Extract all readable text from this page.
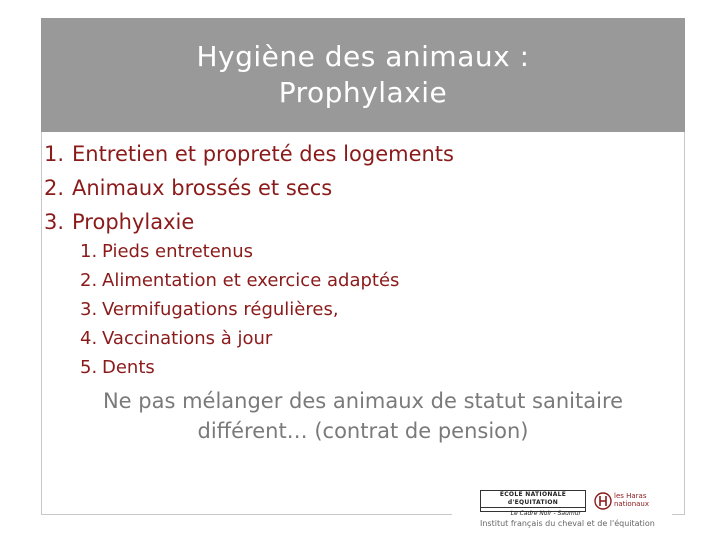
Hygiène des animaux :
Prophylaxie
1. Entretien et propreté des logements
2. Animaux brossés et secs
3. Prophylaxie
1. Pieds entretenus
2. Alimentation et exercice adaptés
3. Vermifugations régulières,
4. Vaccinations à jour
5. Dents
Ne pas mélanger des animaux de statut sanitaire
différent… (contrat de pension)
ECOLE NATIONALE d'EQUITATION
Le Cadre Noir - Saumur
les Haras
nationaux
Institut français du cheval et de l'équitation
